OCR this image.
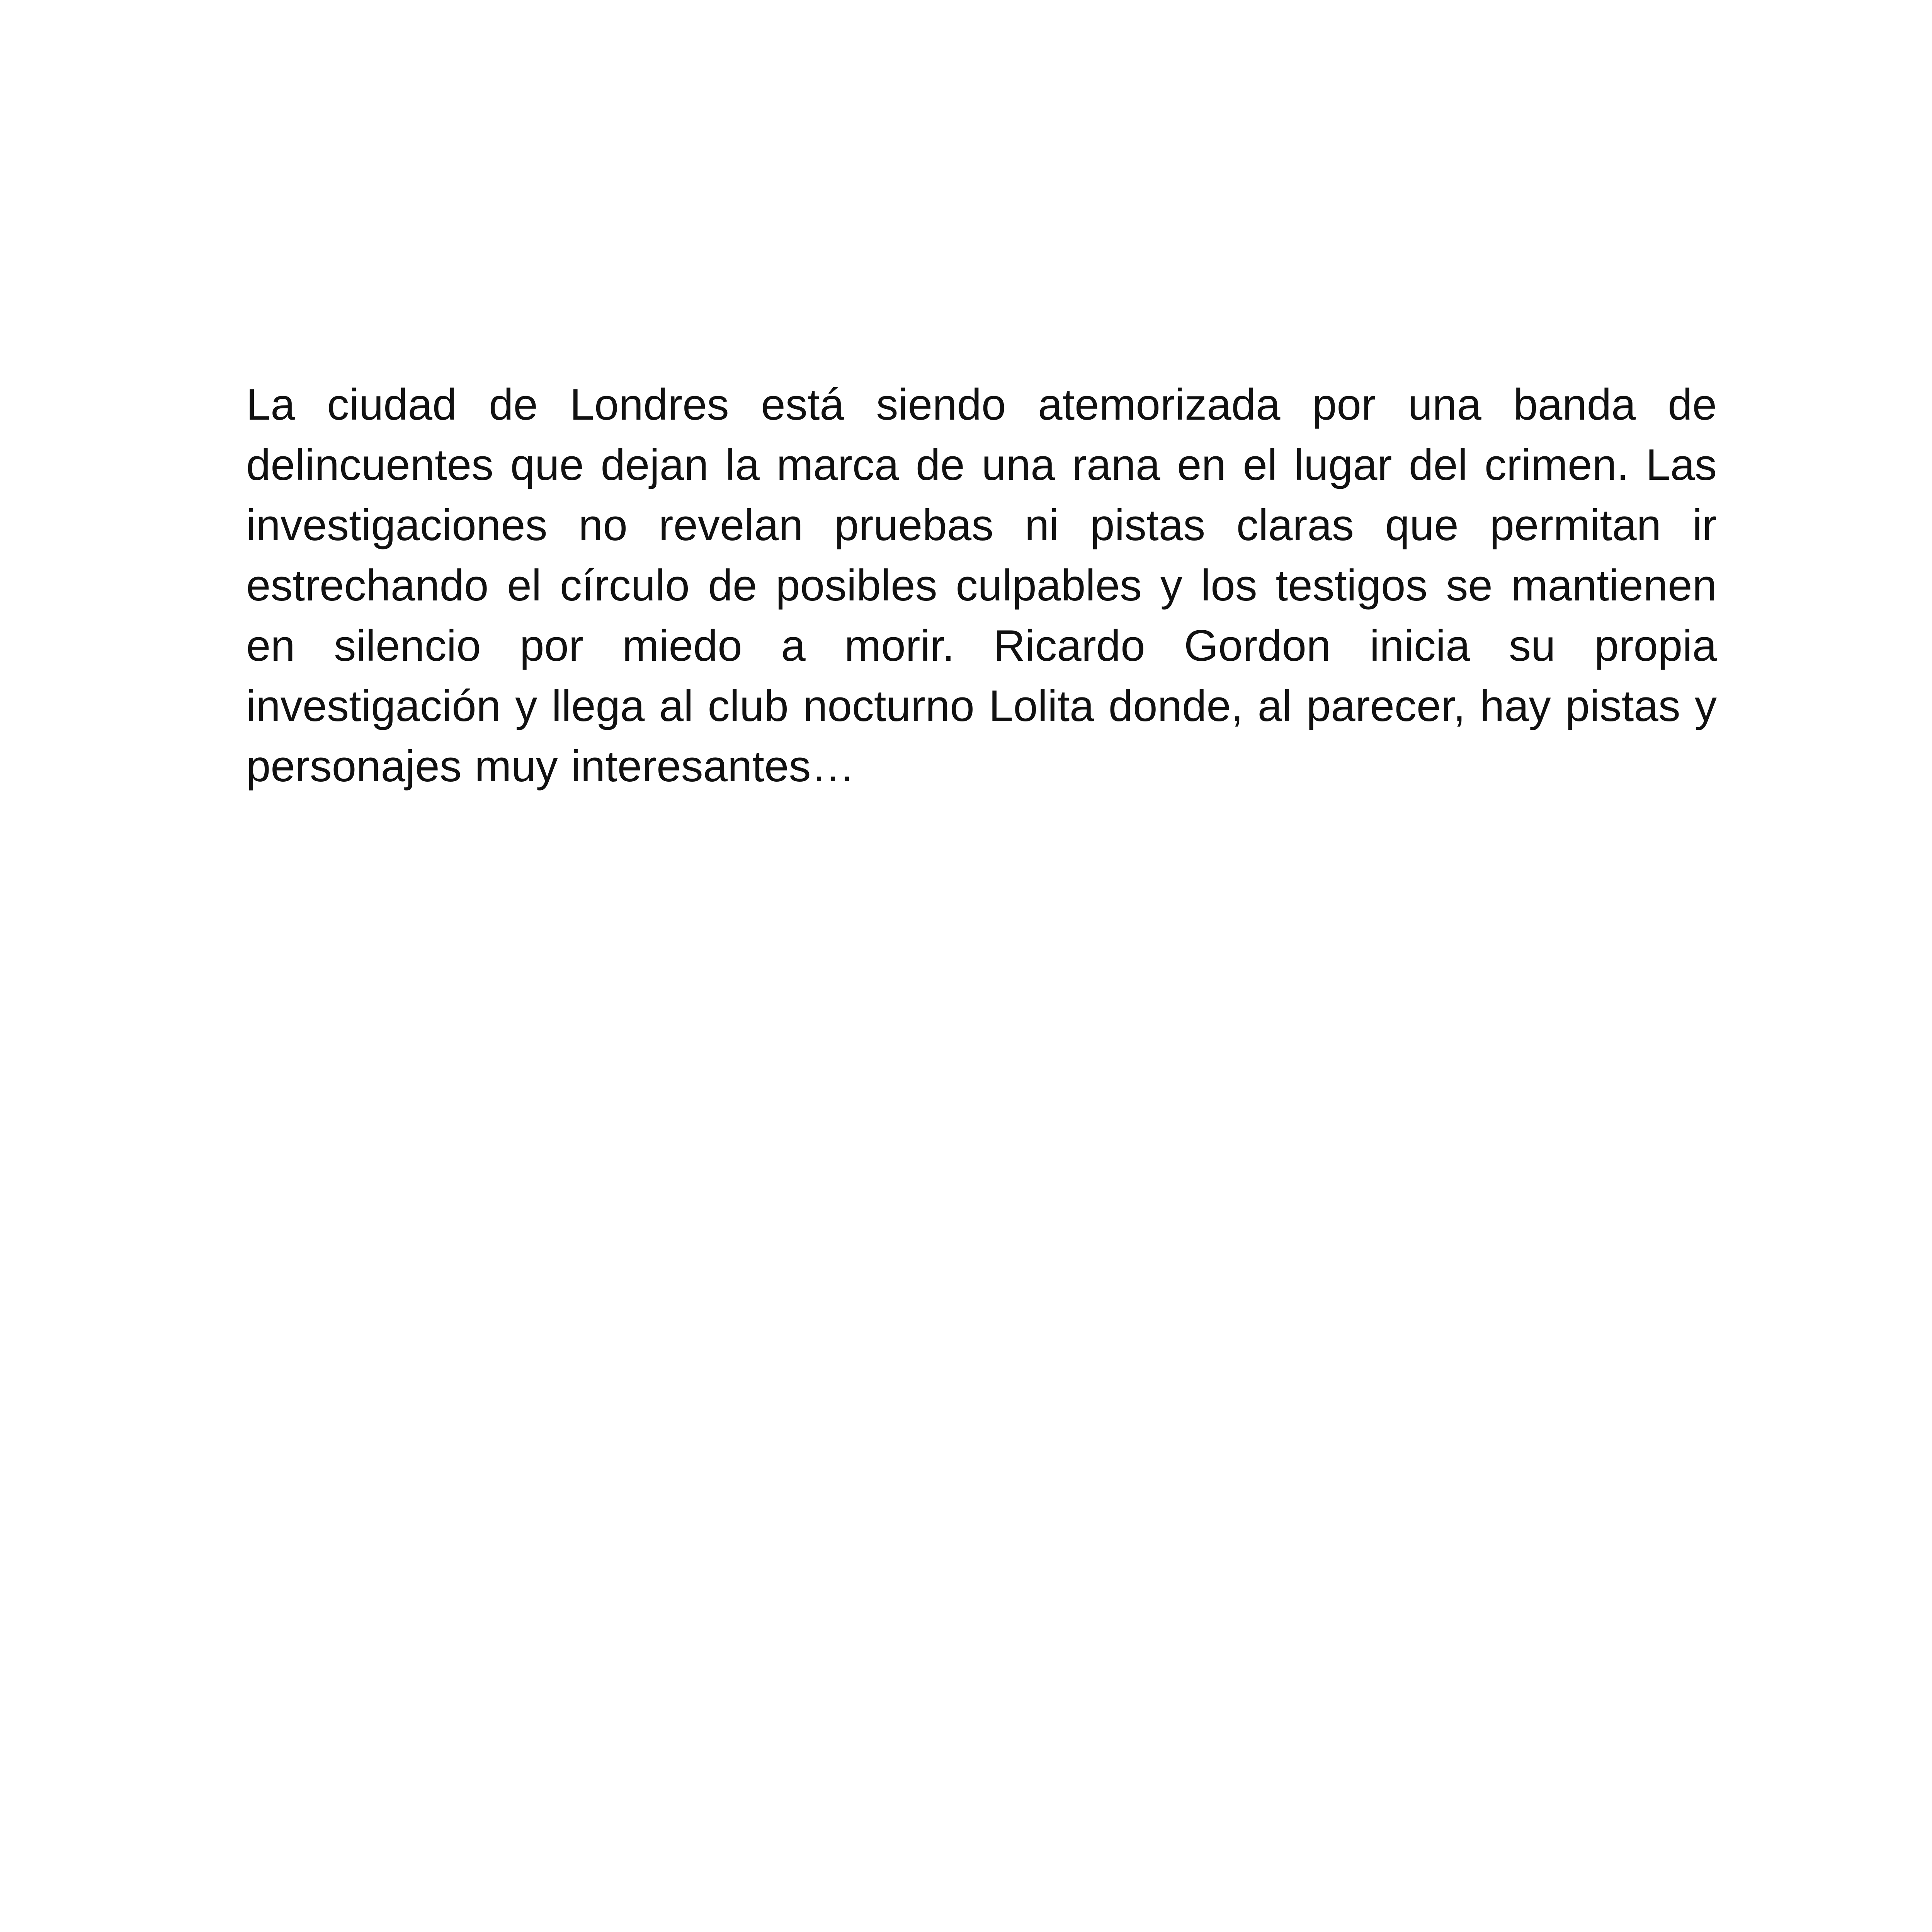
La ciudad de Londres está siendo atemorizada por una banda de delincuentes que dejan la marca de una rana en el lugar del crimen. Las investigaciones no revelan pruebas ni pistas claras que permitan ir estrechando el círculo de posibles culpables y los testigos se mantienen en silencio por miedo a morir. Ricardo Gordon inicia su propia investigación y llega al club nocturno Lolita donde, al parecer, hay pistas y personajes muy interesantes…
